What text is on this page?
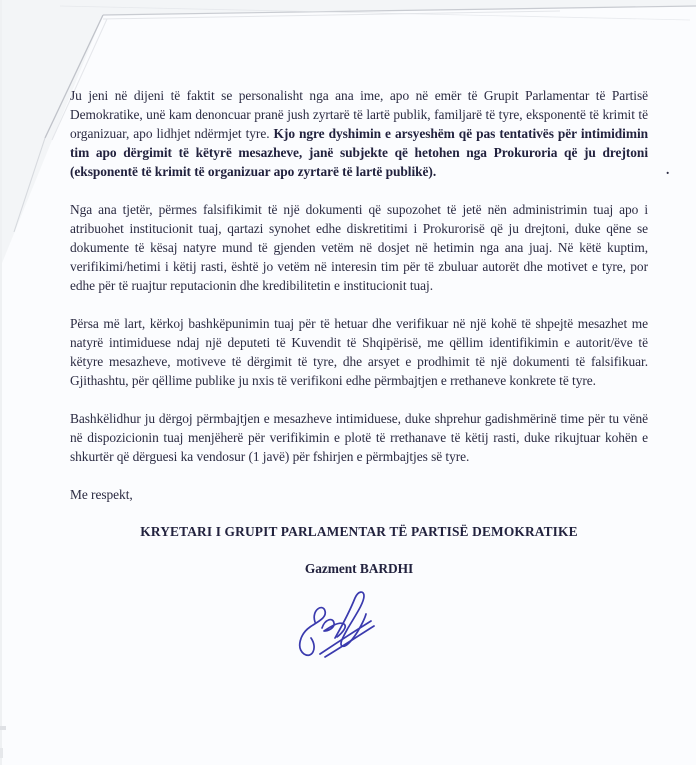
.

Ju jeni në dijeni të faktit se personalisht nga ana ime, apo në emër të Grupit Parlamentar të Partisë Demokratike, unë kam denoncuar pranë jush zyrtarë të lartë publik, familjarë të tyre, eksponentë të krimit të organizuar, apo lidhjet ndërmjet tyre. Kjo ngre dyshimin e arsyeshëm që pas tentativës për intimidimin tim apo dërgimit të këtyrë mesazheve, janë subjekte që hetohen nga Prokuroria që ju drejtoni (eksponentë të krimit të organizuar apo zyrtarë të lartë publikë).

Nga ana tjetër, përmes falsifikimit të një dokumenti që supozohet të jetë nën administrimin tuaj apo i atribuohet institucionit tuaj, qartazi synohet edhe diskretitimi i Prokurorisë që ju drejtoni, duke qëne se dokumente të kësaj natyre mund të gjenden vetëm në dosjet në hetimin nga ana juaj. Në këtë kuptim, verifikimi/hetimi i këtij rasti, është jo vetëm në interesin tim për të zbuluar autorët dhe motivet e tyre, por edhe për të ruajtur reputacionin dhe kredibilitetin e institucionit tuaj.

Përsa më lart, kërkoj bashkëpunimin tuaj për të hetuar dhe verifikuar në një kohë të shpejtë mesazhet me natyrë intimiduese ndaj një deputeti të Kuvendit të Shqipërisë, me qëllim identifikimin e autorit/ëve të këtyre mesazheve, motiveve të dërgimit të tyre, dhe arsyet e prodhimit të një dokumenti të falsifikuar. Gjithashtu, për qëllime publike ju nxis të verifikoni edhe përmbajtjen e rrethaneve konkrete të tyre.

Bashkëlidhur ju dërgoj përmbajtjen e mesazheve intimiduese, duke shprehur gadishmërinë time për tu vënë në dispozicionin tuaj menjëherë për verifikimin e plotë të rrethanave të këtij rasti, duke rikujtuar kohën e shkurtër që dërguesi ka vendosur (1 javë) për fshirjen e përmbajtjes së tyre.

Me respekt,

KRYETARI I GRUPIT PARLAMENTAR TË PARTISË DEMOKRATIKE

Gazment BARDHI
